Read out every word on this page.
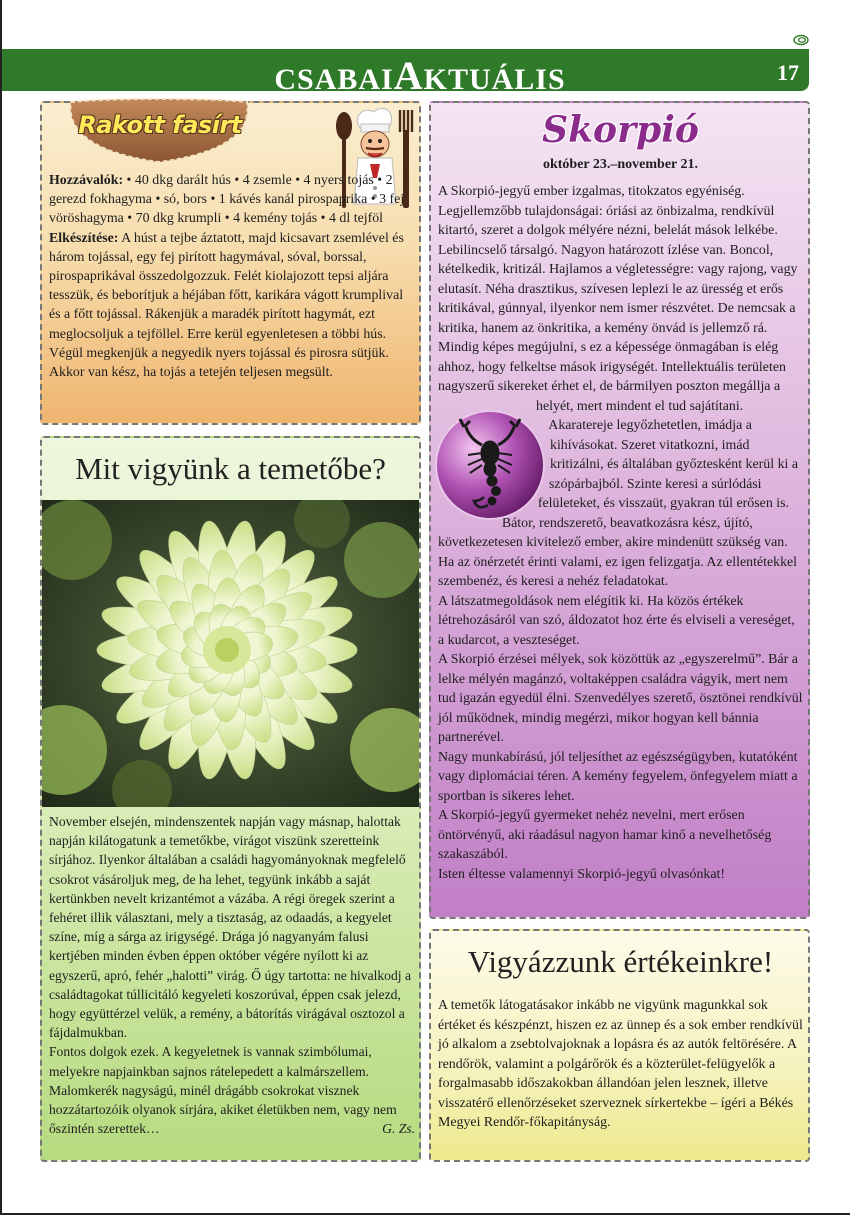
CSABAIAKTUÁLIS	17
Rakott fasírt

Hozzávalók: • 40 dkg darált hús • 4 zsemle • 4 nyers tojás • 2 gerezd fokhagyma • só, bors • 1 kávés kanál pirospaprika • 3 fej vöröshagyma • 70 dkg krumpli • 4 kemény tojás • 4 dl tejföl

Elkészítése: A húst a tejbe áztatott, majd kicsavart zsemlével és három tojással, egy fej pirított hagymával, sóval, borssal, pirospaprikával összedolgozzuk. Felét kiolajozott tepsi aljára tesszük, és beborítjuk a héjában főtt, karikára vágott krumplival és a főtt tojással. Rákenjük a maradék pirított hagymát, ezt meglocsoljuk a tejföllel. Erre kerül egyenletesen a többi hús. Végül megkenjük a negyedik nyers tojással és pirosra sütjük. Akkor van kész, ha tojás a tetején teljesen megsült.

Mit vigyünk a temetőbe?

November elsején, mindenszentek napján vagy másnap, halottak napján kilátogatunk a temetőkbe, virágot viszünk szeretteink sírjához. Ilyenkor általában a családi hagyományoknak megfelelő csokrot vásároljuk meg, de ha lehet, tegyünk inkább a saját kertünkben nevelt krizantémot a vázába. A régi öregek szerint a fehéret illik választani, mely a tisztaság, az odaadás, a kegyelet színe, míg a sárga az irigységé. Drága jó nagyanyám falusi kertjében minden évben éppen október végére nyílott ki az egyszerű, apró, fehér „halotti” virág. Ő úgy tartotta: ne hivalkodj a családtagokat túllicitáló kegyeleti koszorúval, éppen csak jelezd, hogy együttérzel velük, a remény, a bátorítás virágával osztozol a fájdalmukban.

Fontos dolgok ezek. A kegyeletnek is vannak szimbólumai, melyekre napjainkban sajnos rátelepedett a kalmárszellem. Malomkerék nagyságú, minél drágább csokrokat visznek hozzátartozóik olyanok sírjára, akiket életükben nem, vagy nem őszintén szerettek…	G. Zs.

Skorpió
október 23.–november 21.

A Skorpió-jegyű ember izgalmas, titokzatos egyéniség. Legjellemzőbb tulajdonságai: óriási az önbizalma, rendkívül kitartó, szeret a dolgok mélyére nézni, belelát mások lelkébe. Lebilincselő társalgó. Nagyon határozott ízlése van. Boncol, kételkedik, kritizál. Hajlamos a végletességre: vagy rajong, vagy elutasít. Néha drasztikus, szívesen leplezi le az üresség et erős kritikával, gúnnyal, ilyenkor nem ismer részvétet. De nemcsak a kritika, hanem az önkritika, a kemény önvád is jellemző rá. Mindig képes megújulni, s ez a képessége önmagában is elég ahhoz, hogy felkeltse mások irigységét. Intellektuális területen nagyszerű sikereket érhet el, de bármilyen poszton megállja a helyét, mert mindent el tud sajátítani. Akaratereje legyőzhetetlen, imádja a kihívásokat. Szeret vitatkozni, imád kritizálni, és általában győztesként kerül ki a szópárbajból. Szinte keresi a súrlódási felületeket, és visszaüt, gyakran túl erősen is. Bátor, rendszerető, beavatkozásra kész, újító, következetesen kivitelező ember, akire mindenütt szükség van. Ha az önérzetét érinti valami, ez igen felizgatja. Az ellentétekkel szembenéz, és keresi a nehéz feladatokat.

A látszatmegoldások nem elégítik ki. Ha közös értékek létrehozásáról van szó, áldozatot hoz érte és elviseli a vereséget, a kudarcot, a veszteséget.

A Skorpió érzései mélyek, sok közöttük az „egyszerelmű”. Bár a lelke mélyén magánzó, voltaképpen családra vágyik, mert nem tud igazán egyedül élni. Szenvedélyes szerető, ösztönei rendkívül jól működnek, mindig megérzi, mikor hogyan kell bánnia partnerével.

Nagy munkabírású, jól teljesíthet az egészségügyben, kutatóként vagy diplomáciai téren. A kemény fegyelem, önfegyelem miatt a sportban is sikeres lehet.

A Skorpió-jegyű gyermeket nehéz nevelni, mert erősen öntörvényű, aki ráadásul nagyon hamar kinő a nevelhetőség szakaszából.

Isten éltesse valamennyi Skorpió-jegyű olvasónkat!

Vigyázzunk értékeinkre!
A temetők látogatásakor inkább ne vigyünk magunkkal sok értéket és készpénzt, hiszen ez az ünnep és a sok ember rendkívül jó alkalom a zsebtolvajoknak a lopásra és az autók feltörésére. A rendőrök, valamint a polgárőrök és a közterület-felügyelők a forgalmasabb időszakokban állandóan jelen lesznek, illetve visszatérő ellenőrzéseket szerveznek sírkertekbe – ígéri a Békés Megyei Rendőr-főkapitányság.
